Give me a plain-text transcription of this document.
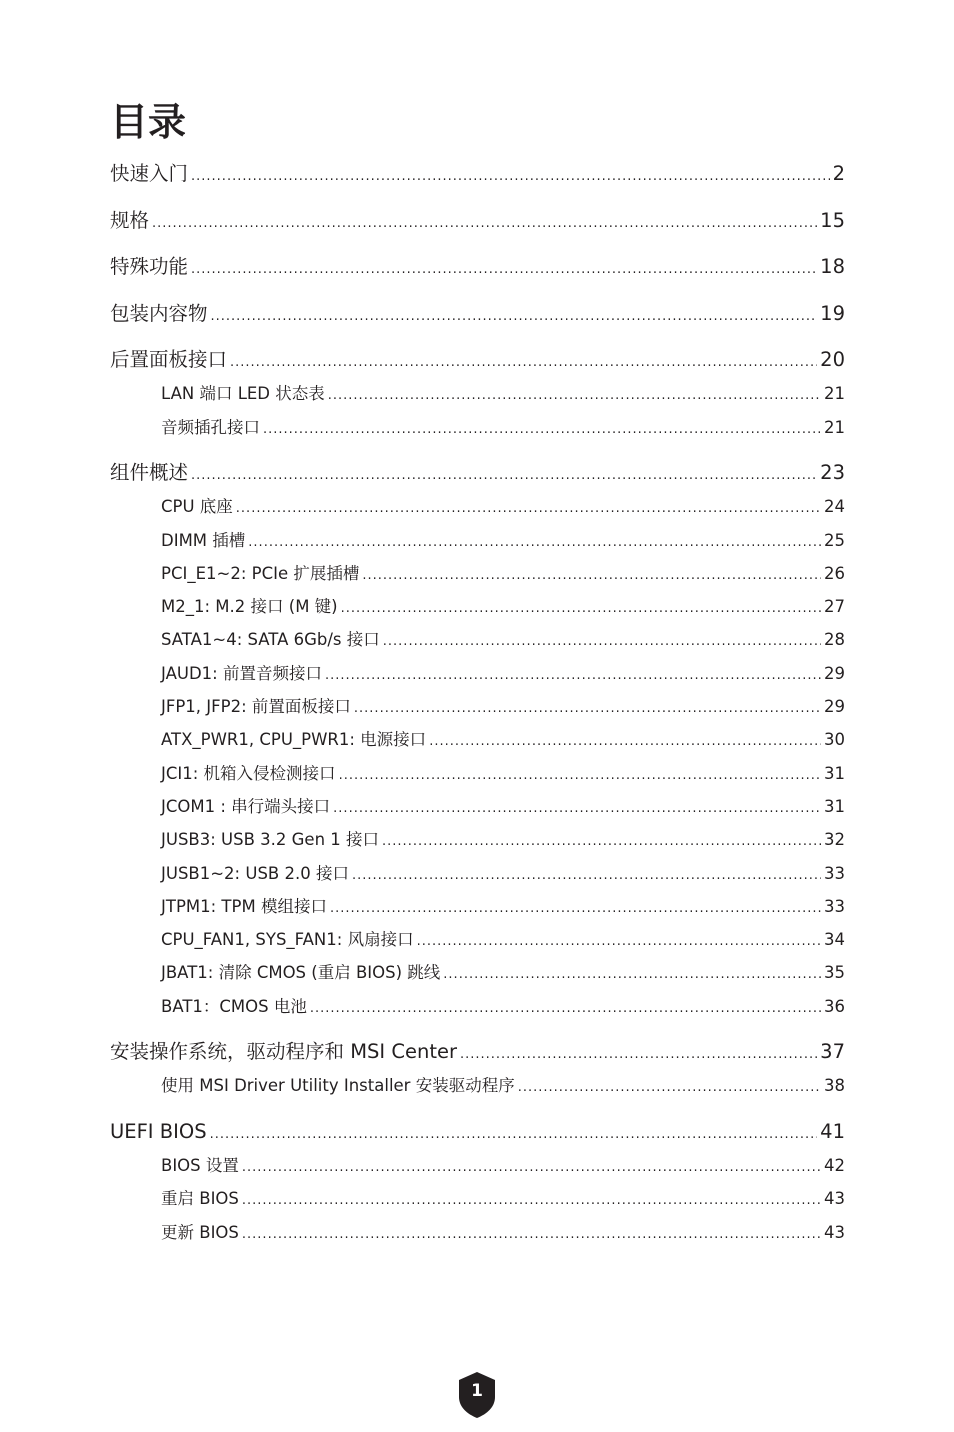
目录
快速入门 .....	2
规格 .....	15
特殊功能 .....	18
包装内容物 .....	19
后置面板接口 .....	20
LAN 端口 LED 状态表 .....	21
音频插孔接口 .....	21
组件概述 .....	23
CPU 底座 .....	24
DIMM 插槽 .....	25
PCI_E1~2: PCIe 扩展插槽 .....	26
M2_1: M.2 接口 (M 键) .....	27
SATA1~4: SATA 6Gb/s 接口 .....	28
JAUD1: 前置音频接口 .....	29
JFP1, JFP2: 前置面板接口 .....	29
ATX_PWR1, CPU_PWR1: 电源接口 .....	30
JCI1: 机箱入侵检测接口 .....	31
JCOM1 : 串行端头接口 .....	31
JUSB3: USB 3.2 Gen 1 接口 .....	32
JUSB1~2: USB 2.0 接口 .....	33
JTPM1: TPM 模组接口 .....	33
CPU_FAN1, SYS_FAN1: 风扇接口 .....	34
JBAT1: 清除 CMOS (重启 BIOS) 跳线 .....	35
BAT1：CMOS 电池 .....	36
安装操作系统，驱动程序和 MSI Center .....	37
使用 MSI Driver Utility Installer 安装驱动程序 .....	38
UEFI BIOS .....	41
BIOS 设置 .....	42
重启 BIOS .....	43
更新 BIOS .....	43
1
